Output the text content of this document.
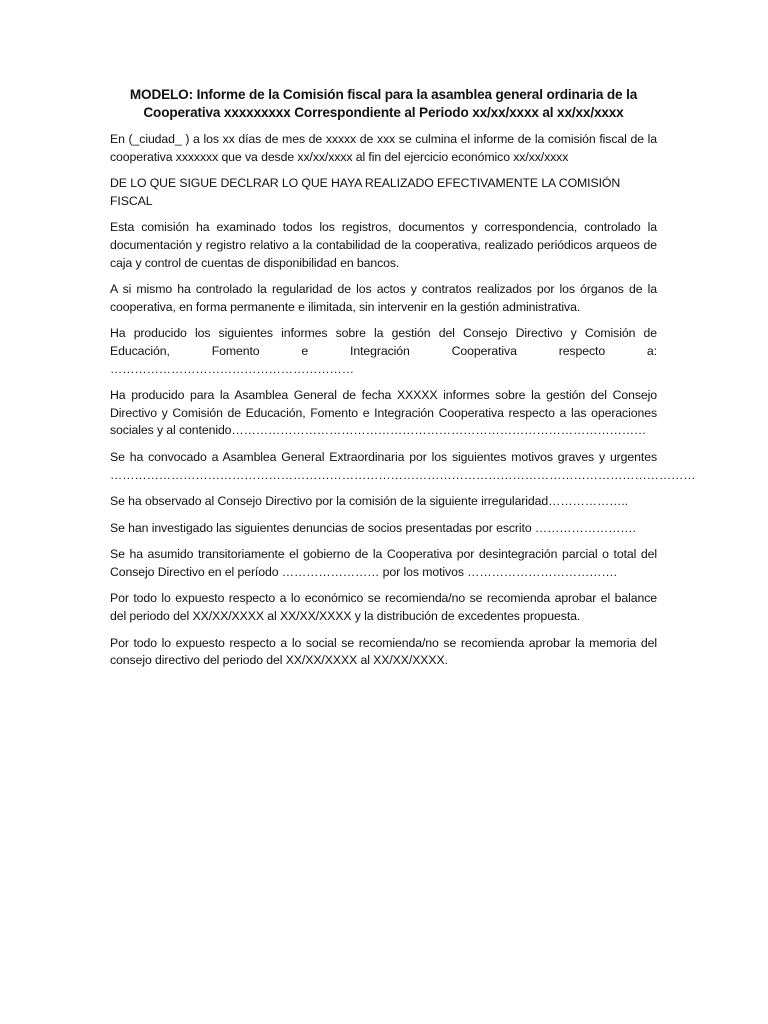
MODELO: Informe de la Comisión fiscal para la asamblea general ordinaria de la Cooperativa xxxxxxxxx Correspondiente al Periodo xx/xx/xxxx al xx/xx/xxxx

En (_ciudad_ ) a los xx días de mes de xxxxx de xxx se culmina el informe de la comisión fiscal de la cooperativa xxxxxxx que va desde xx/xx/xxxx al fin del ejercicio económico xx/xx/xxxx

DE LO QUE SIGUE DECLRAR LO QUE HAYA REALIZADO EFECTIVAMENTE LA COMISIÓN FISCAL

Esta comisión ha examinado todos los registros, documentos y correspondencia, controlado la documentación y registro relativo a la contabilidad de la cooperativa, realizado periódicos arqueos de caja y control de cuentas de disponibilidad en bancos.

A si mismo ha controlado la regularidad de los actos y contratos realizados por los órganos de la cooperativa, en forma permanente e ilimitada, sin intervenir en la gestión administrativa.

Ha producido los siguientes informes sobre la gestión del Consejo Directivo y Comisión de Educación, Fomento e Integración Cooperativa respecto a: ……………………………………………………

Ha producido para la Asamblea General de fecha XXXXX informes sobre la gestión del Consejo Directivo y Comisión de Educación, Fomento e Integración Cooperativa respecto a las operaciones sociales y al contenido…………………………………………………………………………………………

Se ha convocado a Asamblea General Extraordinaria por los siguientes motivos graves y urgentes ………………………………………………………………………………………………………………………………

Se ha observado al Consejo Directivo por la comisión de la siguiente irregularidad………………..

Se han investigado las siguientes denuncias de socios presentadas por escrito …………………….

Se ha asumido transitoriamente el gobierno de la Cooperativa por desintegración parcial o total del Consejo Directivo en el período …………………… por los motivos ……………………………….

Por todo lo expuesto respecto a lo económico se recomienda/no se recomienda aprobar el balance del periodo del XX/XX/XXXX al XX/XX/XXXX y la distribución de excedentes propuesta.

Por todo lo expuesto respecto a lo social se recomienda/no se recomienda aprobar la memoria del consejo directivo del periodo del XX/XX/XXXX al XX/XX/XXXX.
